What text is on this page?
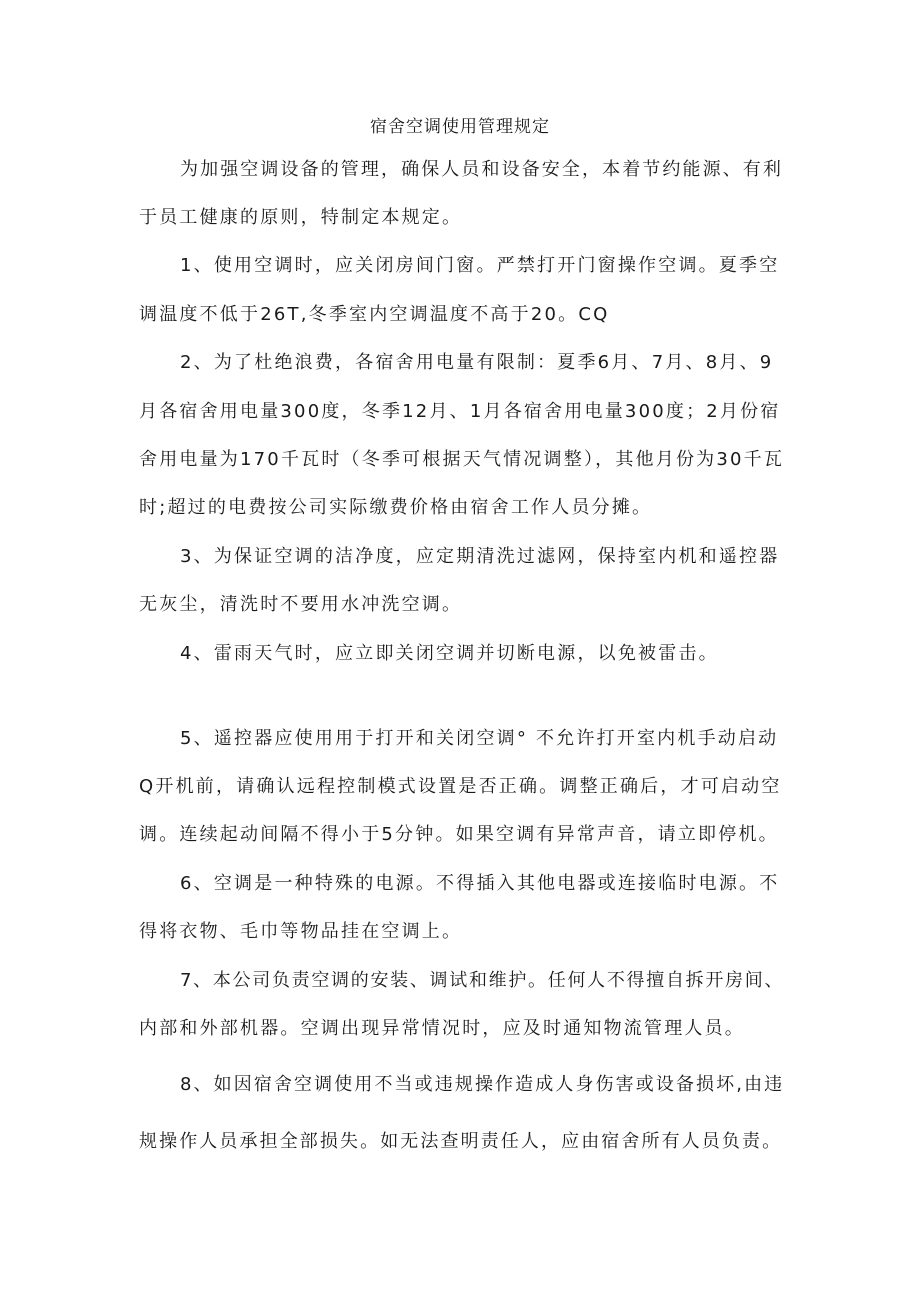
宿舍空调使用管理规定
为加强空调设备的管理，确保人员和设备安全，本着节约能源、有利
于员工健康的原则，特制定本规定。
1、使用空调时，应关闭房间门窗。严禁打开门窗操作空调。夏季空
调温度不低于26T,冬季室内空调温度不高于20。CQ
2、为了杜绝浪费，各宿舍用电量有限制：夏季6月、7月、8月、9
月各宿舍用电量300度，冬季12月、1月各宿舍用电量300度；2月份宿
舍用电量为170千瓦时（冬季可根据天气情况调整），其他月份为30千瓦
时;超过的电费按公司实际缴费价格由宿舍工作人员分摊。
3、为保证空调的洁净度，应定期清洗过滤网，保持室内机和遥控器
无灰尘，清洗时不要用水冲洗空调。
4、雷雨天气时，应立即关闭空调并切断电源，以免被雷击。
5、遥控器应使用用于打开和关闭空调° 不允许打开室内机手动启动
Q开机前，请确认远程控制模式设置是否正确。调整正确后，才可启动空
调。连续起动间隔不得小于5分钟。如果空调有异常声音，请立即停机。
6、空调是一种特殊的电源。不得插入其他电器或连接临时电源。不
得将衣物、毛巾等物品挂在空调上。
7、本公司负责空调的安装、调试和维护。任何人不得擅自拆开房间、
内部和外部机器。空调出现异常情况时，应及时通知物流管理人员。
8、如因宿舍空调使用不当或违规操作造成人身伤害或设备损坏,由违
规操作人员承担全部损失。如无法查明责任人，应由宿舍所有人员负责。
